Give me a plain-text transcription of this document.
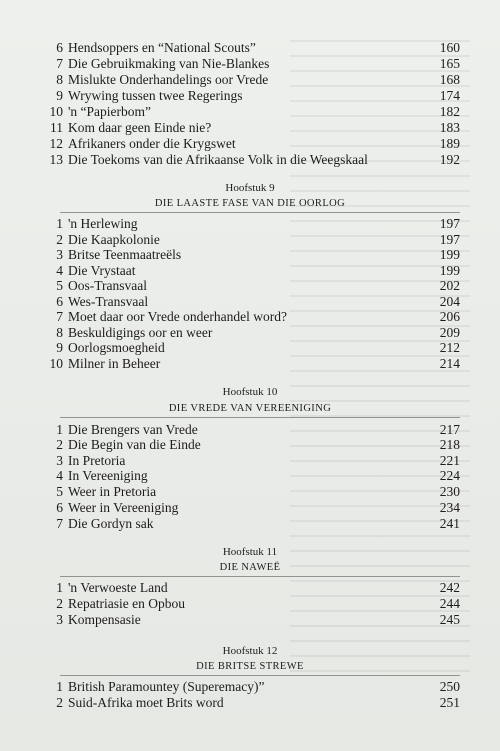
6 Hendsoppers en “National Scouts”	160
7 Die Gebruikmaking van Nie-Blankes	165
8 Mislukte Onderhandelings oor Vrede	168
9 Wrywing tussen twee Regerings	174
10 'n “Papierbom”	182
11 Kom daar geen Einde nie?	183
12 Afrikaners onder die Krygswet	189
13 Die Toekoms van die Afrikaanse Volk in die Weegskaal	192
Hoofstuk 9
DIE LAASTE FASE VAN DIE OORLOG
1 'n Herlewing	197
2 Die Kaapkolonie	197
3 Britse Teenmaatreëls	199
4 Die Vrystaat	199
5 Oos-Transvaal	202
6 Wes-Transvaal	204
7 Moet daar oor Vrede onderhandel word?	206
8 Beskuldigings oor en weer	209
9 Oorlogsmoegheid	212
10 Milner in Beheer	214
Hoofstuk 10
DIE VREDE VAN VEREENIGING
1 Die Brengers van Vrede	217
2 Die Begin van die Einde	218
3 In Pretoria	221
4 In Vereeniging	224
5 Weer in Pretoria	230
6 Weer in Vereeniging	234
7 Die Gordyn sak	241
Hoofstuk 11
DIE NAWEË
1 'n Verwoeste Land	242
2 Repatriasie en Opbou	244
3 Kompensasie	245
Hoofstuk 12
DIE BRITSE STREWE
1 British Paramountey (Superemacy)”	250
2 Suid-Afrika moet Brits word	251
